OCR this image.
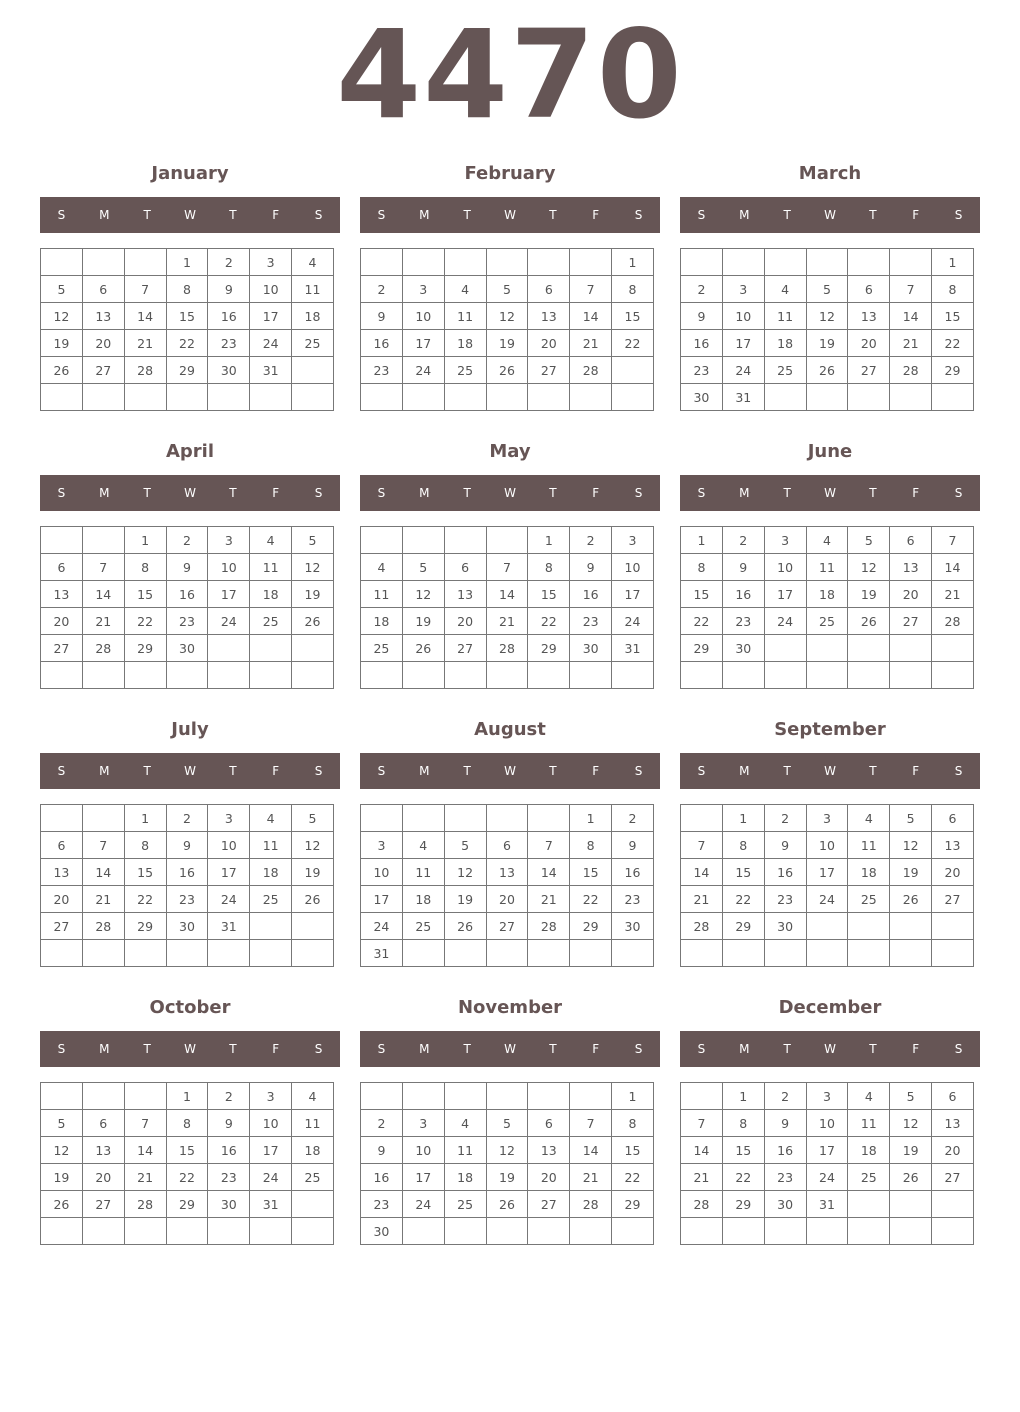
4470
January
S	M	T	W	T	F	S
			1	2	3	4
5	6	7	8	9	10	11
12	13	14	15	16	17	18
19	20	21	22	23	24	25
26	27	28	29	30	31	

February
S	M	T	W	T	F	S
						1
2	3	4	5	6	7	8
9	10	11	12	13	14	15
16	17	18	19	20	21	22
23	24	25	26	27	28	

March
S	M	T	W	T	F	S
						1
2	3	4	5	6	7	8
9	10	11	12	13	14	15
16	17	18	19	20	21	22
23	24	25	26	27	28	29
30	31					
April
S	M	T	W	T	F	S
		1	2	3	4	5
6	7	8	9	10	11	12
13	14	15	16	17	18	19
20	21	22	23	24	25	26
27	28	29	30			

May
S	M	T	W	T	F	S
				1	2	3
4	5	6	7	8	9	10
11	12	13	14	15	16	17
18	19	20	21	22	23	24
25	26	27	28	29	30	31

June
S	M	T	W	T	F	S
1	2	3	4	5	6	7
8	9	10	11	12	13	14
15	16	17	18	19	20	21
22	23	24	25	26	27	28
29	30					

July
S	M	T	W	T	F	S
		1	2	3	4	5
6	7	8	9	10	11	12
13	14	15	16	17	18	19
20	21	22	23	24	25	26
27	28	29	30	31		

August
S	M	T	W	T	F	S
					1	2
3	4	5	6	7	8	9
10	11	12	13	14	15	16
17	18	19	20	21	22	23
24	25	26	27	28	29	30
31						
September
S	M	T	W	T	F	S
	1	2	3	4	5	6
7	8	9	10	11	12	13
14	15	16	17	18	19	20
21	22	23	24	25	26	27
28	29	30				

October
S	M	T	W	T	F	S
			1	2	3	4
5	6	7	8	9	10	11
12	13	14	15	16	17	18
19	20	21	22	23	24	25
26	27	28	29	30	31	

November
S	M	T	W	T	F	S
						1
2	3	4	5	6	7	8
9	10	11	12	13	14	15
16	17	18	19	20	21	22
23	24	25	26	27	28	29
30						
December
S	M	T	W	T	F	S
	1	2	3	4	5	6
7	8	9	10	11	12	13
14	15	16	17	18	19	20
21	22	23	24	25	26	27
28	29	30	31			
